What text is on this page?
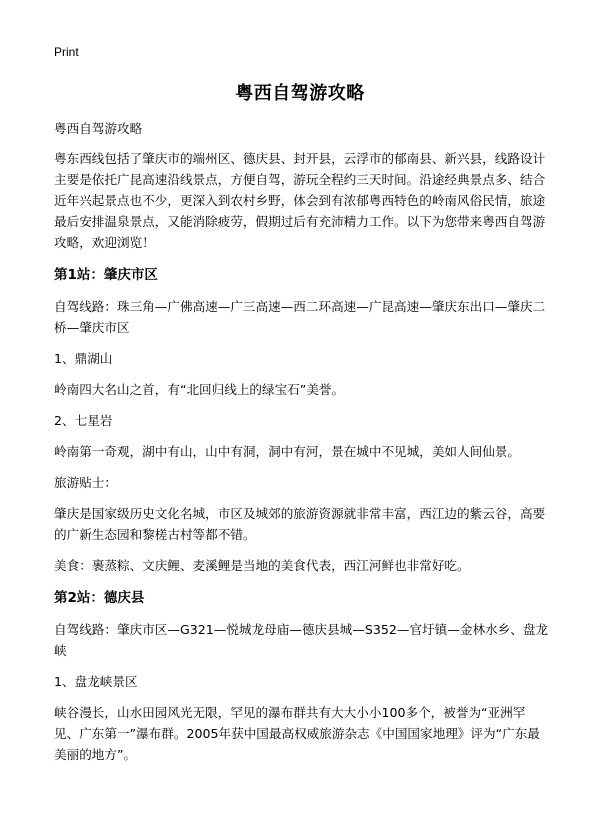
Print
粤西自驾游攻略

粤西自驾游攻略

粤东西线包括了肇庆市的端州区、德庆县、封开县，云浮市的郁南县、新兴县，线路设计主要是依托广昆高速沿线景点，方便自驾，游玩全程约三天时间。沿途经典景点多、结合近年兴起景点也不少，更深入到农村乡野，体会到有浓郁粤西特色的岭南风俗民情，旅途最后安排温泉景点，又能消除疲劳，假期过后有充沛精力工作。以下为您带来粤西自驾游攻略，欢迎浏览！

第1站：肇庆市区

自驾线路：珠三角—广佛高速—广三高速—西二环高速—广昆高速—肇庆东出口—肇庆二桥—肇庆市区

1、鼎湖山

岭南四大名山之首，有“北回归线上的绿宝石”美誉。

2、七星岩

岭南第一奇观，湖中有山，山中有洞，洞中有河，景在城中不见城，美如人间仙景。

旅游贴士：

肇庆是国家级历史文化名城，市区及城郊的旅游资源就非常丰富，西江边的紫云谷，高要的广新生态园和黎槎古村等都不错。

美食：裹蒸粽、文庆鲤、麦溪鲤是当地的美食代表，西江河鲜也非常好吃。

第2站：德庆县

自驾线路：肇庆市区—G321—悦城龙母庙—德庆县城—S352—官圩镇—金林水乡、盘龙峡

1、盘龙峡景区

峡谷漫长，山水田园风光无限，罕见的瀑布群共有大大小小100多个，被誉为“亚洲罕见、广东第一”瀑布群。2005年获中国最高权威旅游杂志《中国国家地理》评为“广东最美丽的地方”。
